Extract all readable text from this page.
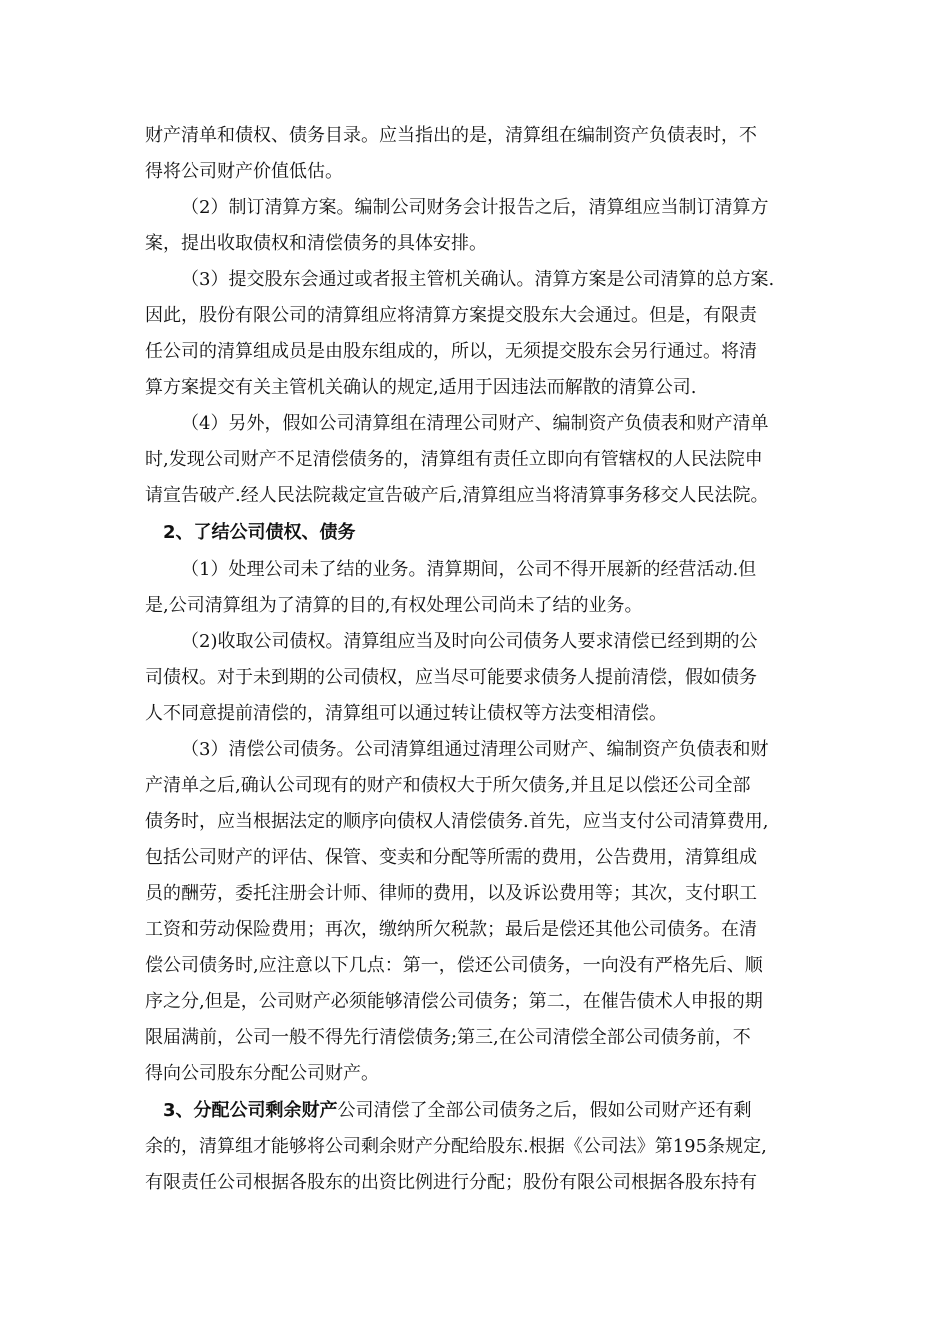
财产清单和债权、债务目录。应当指出的是，清算组在编制资产负债表时，不
得将公司财产价值低估。
（2）制订清算方案。编制公司财务会计报告之后，清算组应当制订清算方
案，提出收取债权和清偿债务的具体安排。
（3）提交股东会通过或者报主管机关确认。清算方案是公司清算的总方案.
因此，股份有限公司的清算组应将清算方案提交股东大会通过。但是，有限责
任公司的清算组成员是由股东组成的，所以，无须提交股东会另行通过。将清
算方案提交有关主管机关确认的规定,适用于因违法而解散的清算公司.
（4）另外，假如公司清算组在清理公司财产、编制资产负债表和财产清单
时,发现公司财产不足清偿债务的，清算组有责任立即向有管辖权的人民法院申
请宣告破产.经人民法院裁定宣告破产后,清算组应当将清算事务移交人民法院。
2、了结公司债权、债务
（1）处理公司未了结的业务。清算期间，公司不得开展新的经营活动.但
是,公司清算组为了清算的目的,有权处理公司尚未了结的业务。
（2)收取公司债权。清算组应当及时向公司债务人要求清偿已经到期的公
司债权。对于未到期的公司债权，应当尽可能要求债务人提前清偿，假如债务
人不同意提前清偿的，清算组可以通过转让债权等方法变相清偿。
（3）清偿公司债务。公司清算组通过清理公司财产、编制资产负债表和财
产清单之后,确认公司现有的财产和债权大于所欠债务,并且足以偿还公司全部
债务时，应当根据法定的顺序向债权人清偿债务.首先，应当支付公司清算费用,
包括公司财产的评估、保管、变卖和分配等所需的费用，公告费用，清算组成
员的酬劳，委托注册会计师、律师的费用，以及诉讼费用等；其次，支付职工
工资和劳动保险费用；再次，缴纳所欠税款；最后是偿还其他公司债务。在清
偿公司债务时,应注意以下几点：第一，偿还公司债务，一向没有严格先后、顺
序之分,但是，公司财产必须能够清偿公司债务；第二，在催告债术人申报的期
限届满前，公司一般不得先行清偿债务;第三,在公司清偿全部公司债务前，不
得向公司股东分配公司财产。
3、分配公司剩余财产公司清偿了全部公司债务之后，假如公司财产还有剩
余的，清算组才能够将公司剩余财产分配给股东.根据《公司法》第195条规定,
有限责任公司根据各股东的出资比例进行分配；股份有限公司根据各股东持有
